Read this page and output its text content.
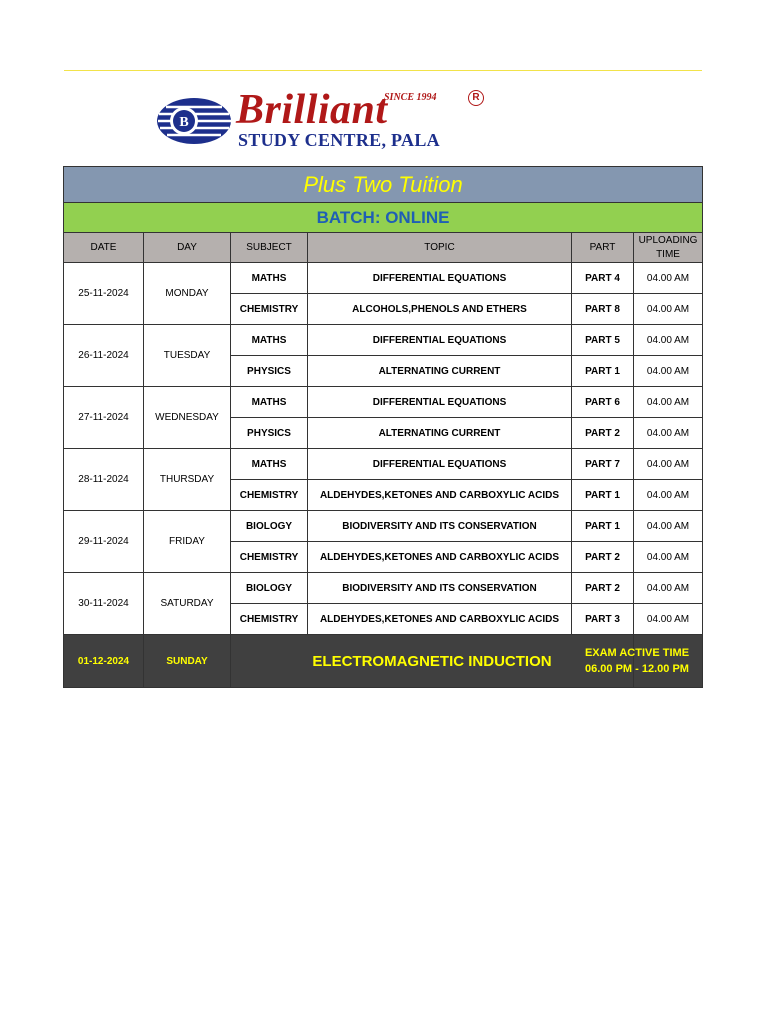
B Brilliant
SINCE 1994	R
STUDY CENTRE, PALA
Plus Two Tuition					
BATCH: ONLINE					
DATE	DAY	SUBJECT	TOPIC	PART	UPLOADING
TIME
25-11-2024	MONDAY	MATHS	DIFFERENTIAL EQUATIONS	PART 4	04.00 AM
		CHEMISTRY	ALCOHOLS,PHENOLS AND ETHERS	PART 8	04.00 AM
26-11-2024	TUESDAY	MATHS	DIFFERENTIAL EQUATIONS	PART 5	04.00 AM
		PHYSICS	ALTERNATING CURRENT	PART 1	04.00 AM
27-11-2024	WEDNESDAY	MATHS	DIFFERENTIAL EQUATIONS	PART 6	04.00 AM
		PHYSICS	ALTERNATING CURRENT	PART 2	04.00 AM
28-11-2024	THURSDAY	MATHS	DIFFERENTIAL EQUATIONS	PART 7	04.00 AM
		CHEMISTRY	ALDEHYDES,KETONES AND CARBOXYLIC ACIDS	PART 1	04.00 AM
29-11-2024	FRIDAY	BIOLOGY	BIODIVERSITY AND ITS CONSERVATION	PART 1	04.00 AM
		CHEMISTRY	ALDEHYDES,KETONES AND CARBOXYLIC ACIDS	PART 2	04.00 AM
30-11-2024	SATURDAY	BIOLOGY	BIODIVERSITY AND ITS CONSERVATION	PART 2	04.00 AM
		CHEMISTRY	ALDEHYDES,KETONES AND CARBOXYLIC ACIDS	PART 3	04.00 AM
01-12-2024	SUNDAY	ELECTROMAGNETIC INDUCTION			EXAM ACTIVE TIME
06.00 PM - 12.00 PM
